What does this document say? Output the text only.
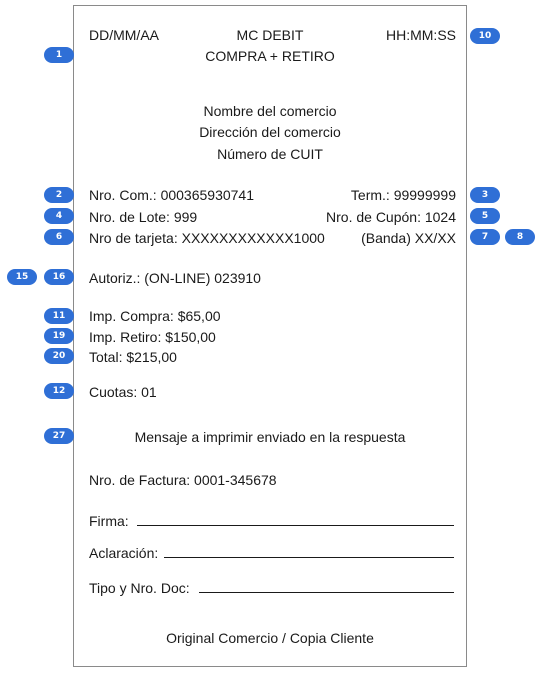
DD/MM/AA	MC DEBIT	HH:MM:SS
COMPRA + RETIRO
Nombre del comercio
Dirección del comercio
Número de CUIT
Nro. Com.: 000365930741	Term.: 99999999
Nro. de Lote: 999	Nro. de Cupón: 1024
Nro de tarjeta: XXXXXXXXXXXX1000	(Banda) XX/XX
Autoriz.: (ON-LINE) 023910
Imp. Compra: $65,00
Imp. Retiro: $150,00
Total: $215,00
Cuotas: 01
Mensaje a imprimir enviado en la respuesta
Nro. de Factura: 0001-345678
Firma:
Aclaración:
Tipo y Nro. Doc:
Original Comercio / Copia Cliente
1
10
2	3
4	5
6	7	8
15	16
11
19
20
12
27
